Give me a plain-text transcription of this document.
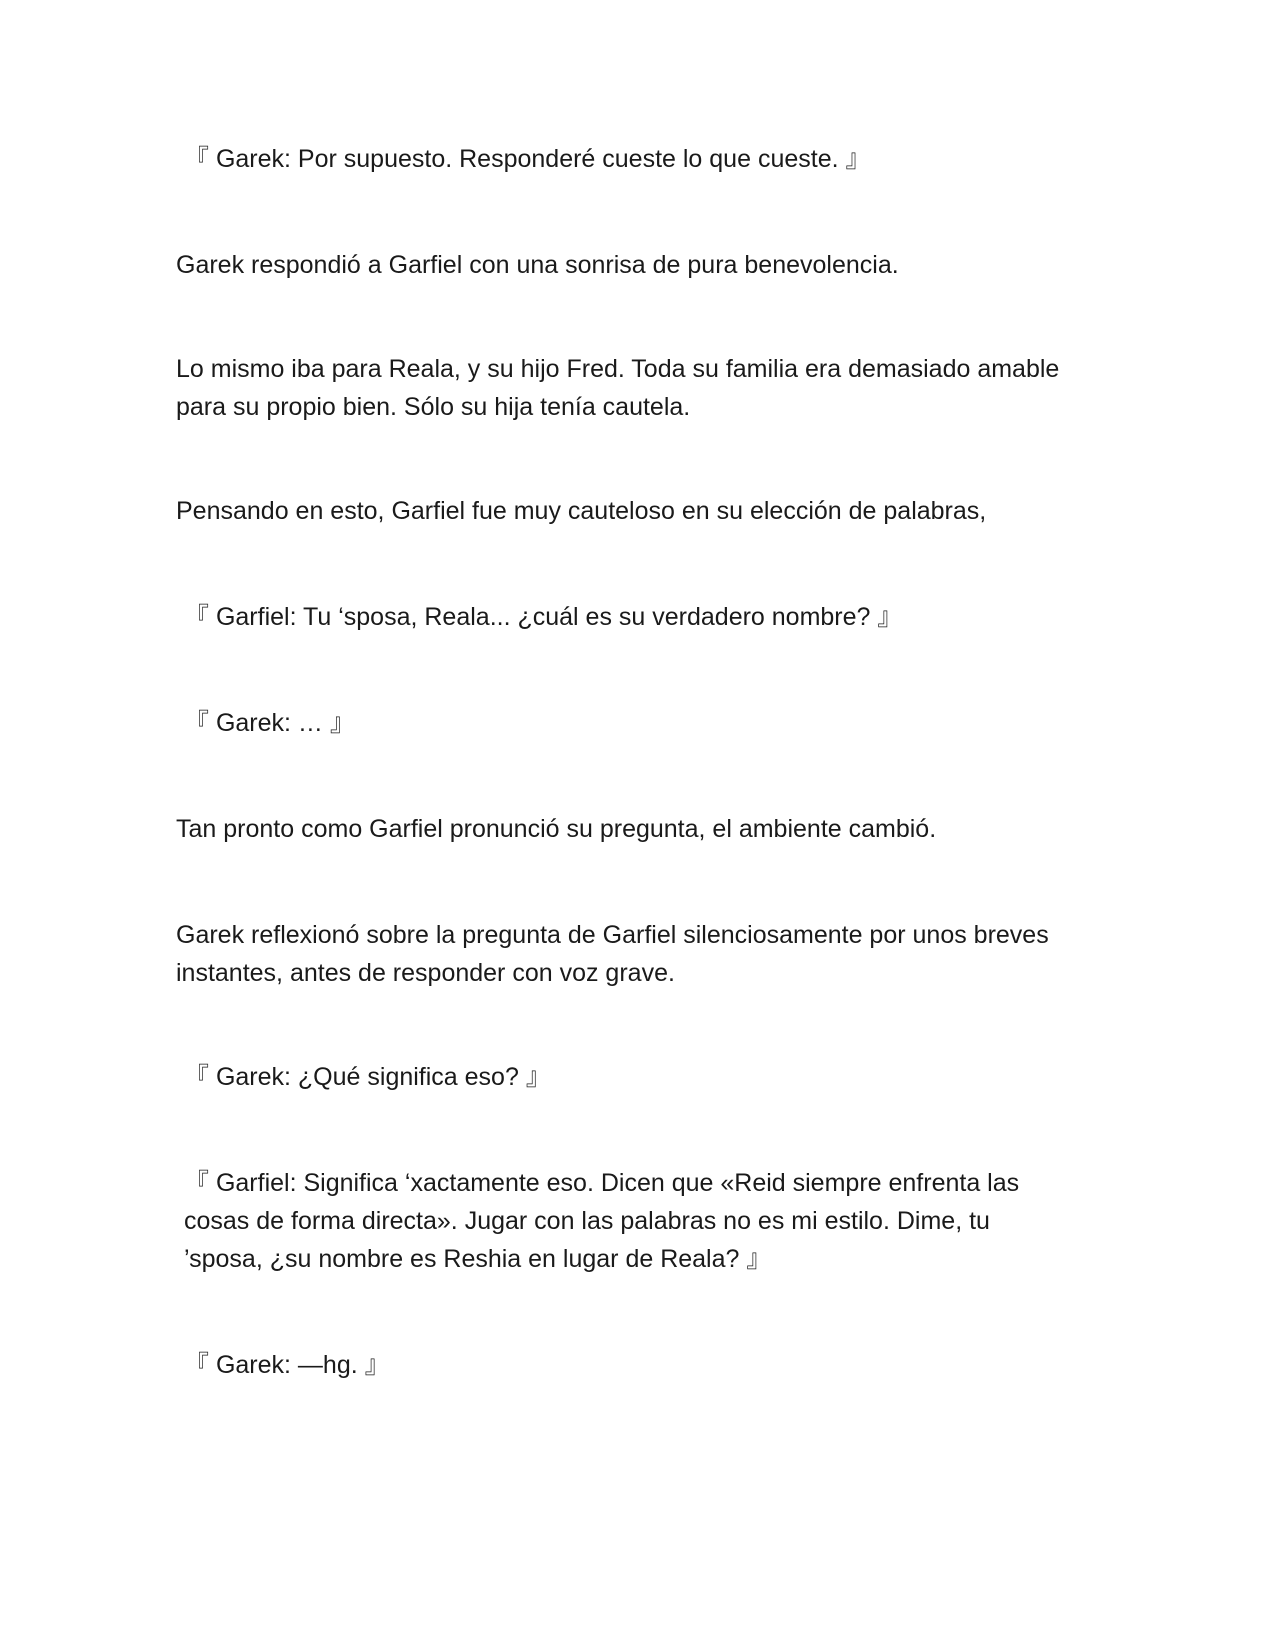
『 Garek: Por supuesto. Responderé cueste lo que cueste. 』

Garek respondió a Garfiel con una sonrisa de pura benevolencia.

Lo mismo iba para Reala, y su hijo Fred. Toda su familia era demasiado amable para su propio bien. Sólo su hija tenía cautela.

Pensando en esto, Garfiel fue muy cauteloso en su elección de palabras,

『 Garfiel: Tu ‘sposa, Reala... ¿cuál es su verdadero nombre? 』

『 Garek: … 』

Tan pronto como Garfiel pronunció su pregunta, el ambiente cambió.

Garek reflexionó sobre la pregunta de Garfiel silenciosamente por unos breves instantes, antes de responder con voz grave.

『 Garek: ¿Qué significa eso? 』

『 Garfiel: Significa ‘xactamente eso. Dicen que «Reid siempre enfrenta las cosas de forma directa». Jugar con las palabras no es mi estilo. Dime, tu ’sposa, ¿su nombre es Reshia en lugar de Reala? 』

『 Garek: —hg. 』
